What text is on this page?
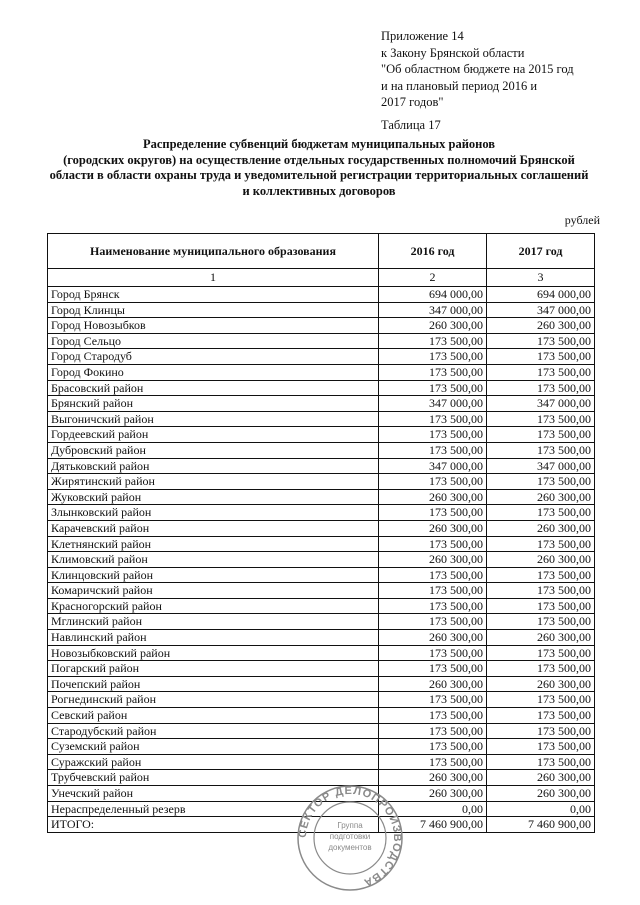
Приложение 14
к Закону Брянской области
"Об областном бюджете на 2015 год
и на плановый период 2016 и
2017 годов"
Таблица 17
Распределение субвенций бюджетам муниципальных районов
(городских округов) на осуществление отдельных государственных полномочий Брянской
области в области охраны труда и уведомительной регистрации территориальных соглашений
и коллективных договоров
рублей
Наименование муниципального образования	2016 год	2017 год
1	2	3
Город Брянск	694 000,00	694 000,00
Город Клинцы	347 000,00	347 000,00
Город Новозыбков	260 300,00	260 300,00
Город Сельцо	173 500,00	173 500,00
Город Стародуб	173 500,00	173 500,00
Город Фокино	173 500,00	173 500,00
Брасовский район	173 500,00	173 500,00
Брянский район	347 000,00	347 000,00
Выгоничский район	173 500,00	173 500,00
Гордеевский район	173 500,00	173 500,00
Дубровский район	173 500,00	173 500,00
Дятьковский район	347 000,00	347 000,00
Жирятинский район	173 500,00	173 500,00
Жуковский район	260 300,00	260 300,00
Злынковский район	173 500,00	173 500,00
Карачевский район	260 300,00	260 300,00
Клетнянский район	173 500,00	173 500,00
Климовский район	260 300,00	260 300,00
Клинцовский район	173 500,00	173 500,00
Комаричский район	173 500,00	173 500,00
Красногорский район	173 500,00	173 500,00
Мглинский район	173 500,00	173 500,00
Навлинский район	260 300,00	260 300,00
Новозыбковский район	173 500,00	173 500,00
Погарский район	173 500,00	173 500,00
Почепский район	260 300,00	260 300,00
Рогнединский район	173 500,00	173 500,00
Севский район	173 500,00	173 500,00
Стародубский район	173 500,00	173 500,00
Суземский район	173 500,00	173 500,00
Суражский район	173 500,00	173 500,00
Трубчевский район	260 300,00	260 300,00
Унечский район	260 300,00	260 300,00
Нераспределенный резерв	0,00	0,00
ИТОГО:	7 460 900,00	7 460 900,00
СЕКТОР ДЕЛОПРОИЗВОДСТВА
Группа
подготовки
документов
